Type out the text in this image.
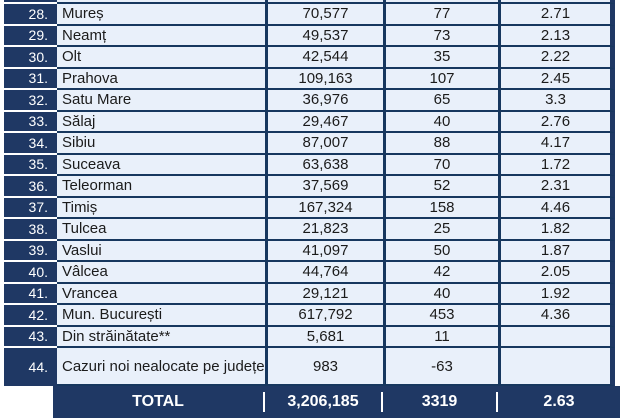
28. Mureș	70,577	77	2.71
29. Neamț	49,537	73	2.13
30. Olt	42,544	35	2.22
31. Prahova	109,163	107	2.45
32. Satu Mare	36,976	65	3.3
33. Sălaj	29,467	40	2.76
34. Sibiu	87,007	88	4.17
35. Suceava	63,638	70	1.72
36. Teleorman	37,569	52	2.31
37. Timiș	167,324	158	4.46
38. Tulcea	21,823	25	1.82
39. Vaslui	41,097	50	1.87
40. Vâlcea	44,764	42	2.05
41. Vrancea	29,121	40	1.92
42. Mun. București	617,792	453	4.36
43. Din străinătate**	5,681	11
44. Cazuri noi nealocate pe județe	983	-63
TOTAL	3,206,185	3319	2.63
